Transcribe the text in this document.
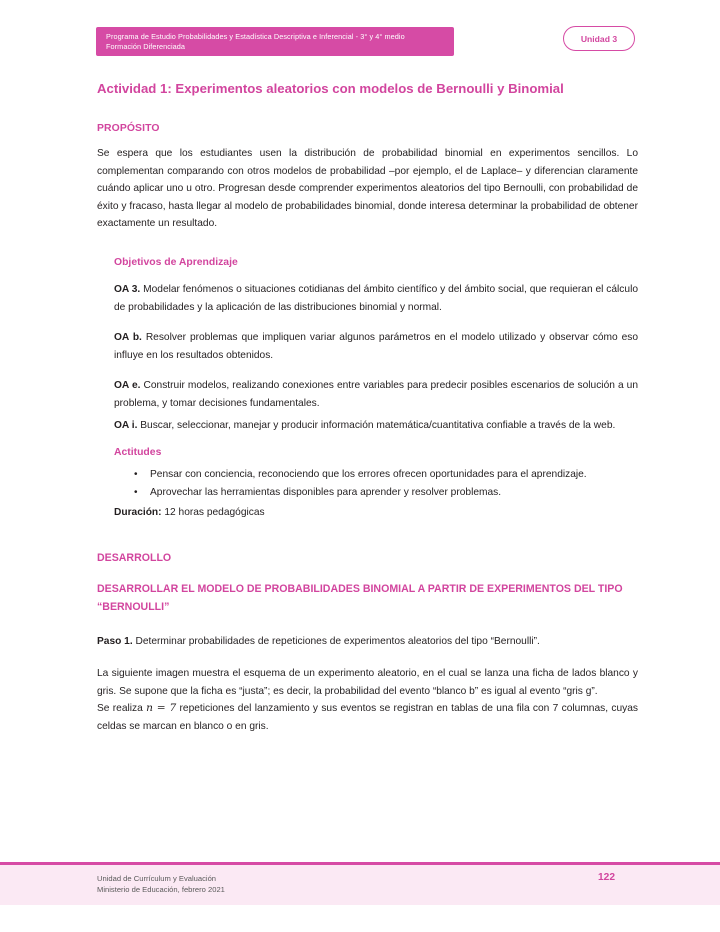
Programa de Estudio Probabilidades y Estadística Descriptiva e Inferencial - 3° y 4° medio
Formación Diferenciada
Unidad 3
Actividad 1: Experimentos aleatorios con modelos de Bernoulli y Binomial
PROPÓSITO

Se espera que los estudiantes usen la distribución de probabilidad binomial en experimentos sencillos. Lo complementan comparando con otros modelos de probabilidad –por ejemplo, el de Laplace– y diferencian claramente cuándo aplicar uno u otro. Progresan desde comprender experimentos aleatorios del tipo Bernoulli, con probabilidad de éxito y fracaso, hasta llegar al modelo de probabilidades binomial, donde interesa determinar la probabilidad de obtener exactamente un resultado.

Objetivos de Aprendizaje

OA 3. Modelar fenómenos o situaciones cotidianas del ámbito científico y del ámbito social, que requieran el cálculo de probabilidades y la aplicación de las distribuciones binomial y normal.

OA b. Resolver problemas que impliquen variar algunos parámetros en el modelo utilizado y observar cómo eso influye en los resultados obtenidos.

OA e. Construir modelos, realizando conexiones entre variables para predecir posibles escenarios de solución a un problema, y tomar decisiones fundamentales.

OA i. Buscar, seleccionar, manejar y producir información matemática/cuantitativa confiable a través de la web.

Actitudes
• Pensar con conciencia, reconociendo que los errores ofrecen oportunidades para el aprendizaje.
• Aprovechar las herramientas disponibles para aprender y resolver problemas.

Duración: 12 horas pedagógicas

DESARROLLO
DESARROLLAR EL MODELO DE PROBABILIDADES BINOMIAL A PARTIR DE EXPERIMENTOS DEL TIPO “BERNOULLI”

Paso 1. Determinar probabilidades de repeticiones de experimentos aleatorios del tipo “Bernoulli”.

La siguiente imagen muestra el esquema de un experimento aleatorio, en el cual se lanza una ficha de lados blanco y gris. Se supone que la ficha es “justa”; es decir, la probabilidad del evento “blanco b” es igual al evento “gris g”.

Se realiza n = 7 repeticiones del lanzamiento y sus eventos se registran en tablas de una fila con 7 columnas, cuyas celdas se marcan en blanco o en gris.

Unidad de Currículum y Evaluación
Ministerio de Educación, febrero 2021
122
